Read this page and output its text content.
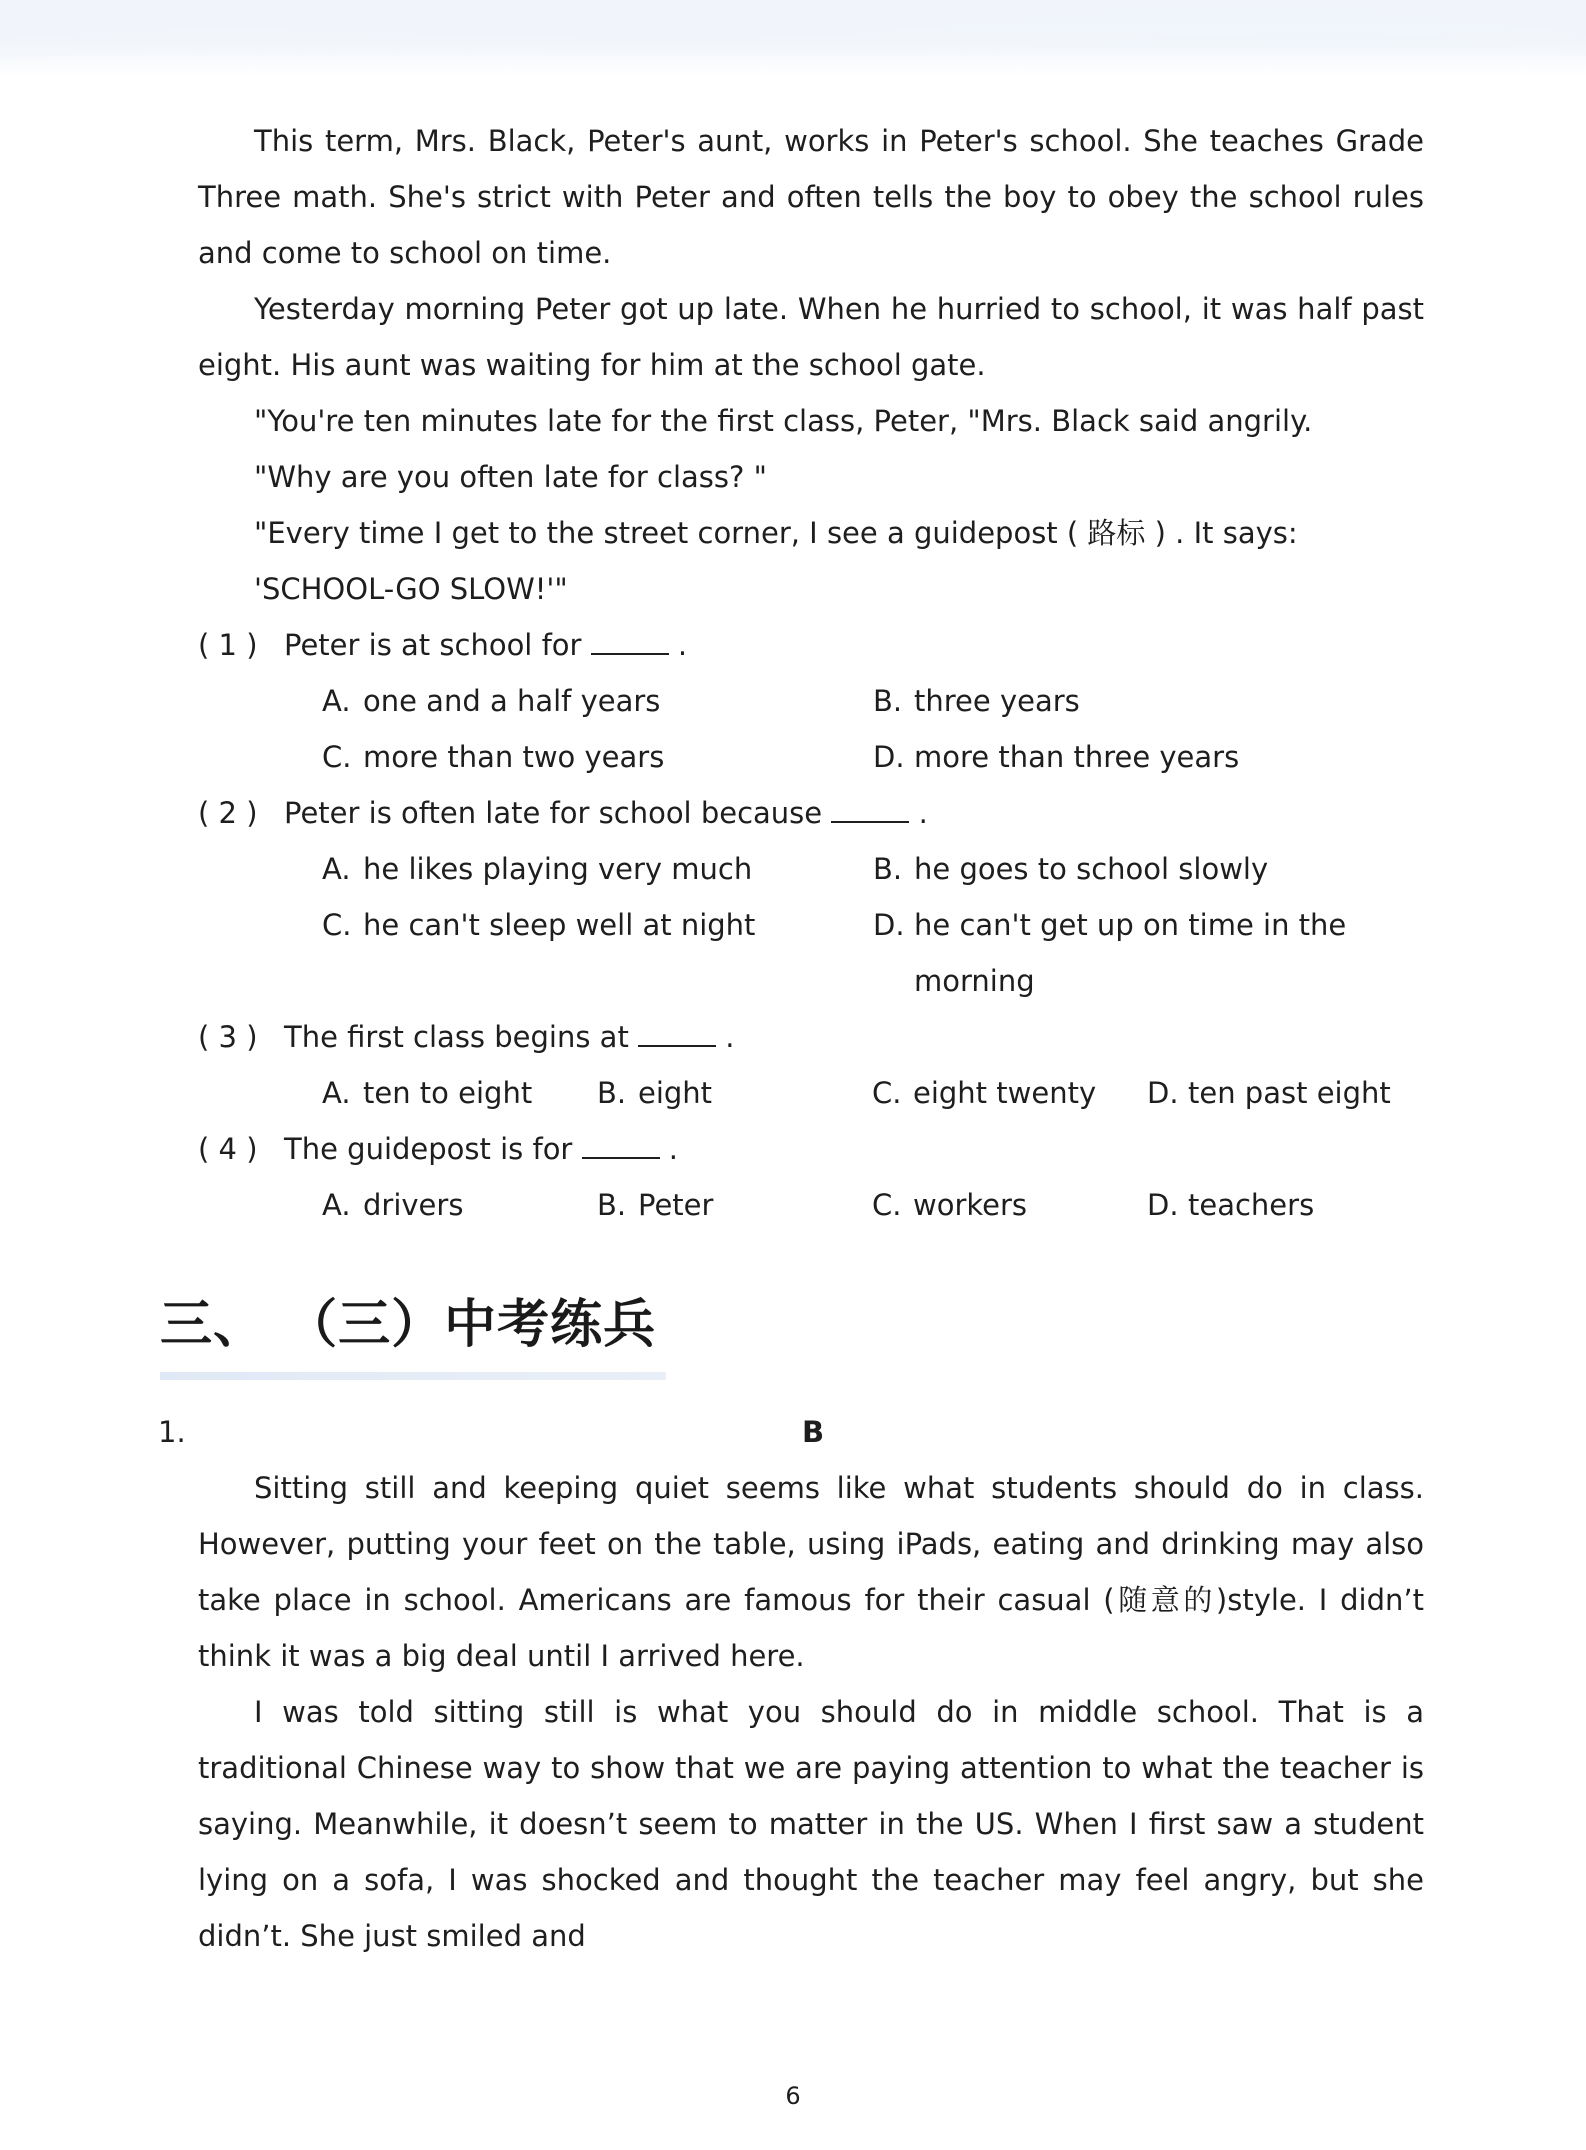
This term, Mrs. Black, Peter's aunt, works in Peter's school. She teaches Grade Three math. She's strict with Peter and often tells the boy to obey the school rules and come to school on time.

Yesterday morning Peter got up late. When he hurried to school, it was half past eight. His aunt was waiting for him at the school gate.

"You're ten minutes late for the first class, Peter, "Mrs. Black said angrily.

"Why are you often late for class? "

"Every time I get to the street corner, I see a guidepost ( 路标 ) . It says:

'SCHOOL-GO SLOW!'"

( 1 ) Peter is at school for	.

A. one and a half years	B. three years
C. more than two years	D. more than three years

( 2 ) Peter is often late for school because	.

A. he likes playing very much	B. he goes to school slowly
C. he can't sleep well at night	D. he can't get up on time in the morning

( 3 ) The first class begins at	.

A. ten to eight	B. eight	C. eight twenty	D. ten past eight

( 4 ) The guidepost is for	.

A. drivers	B. Peter	C. workers	D. teachers
三、 （三）中考练兵
1.	B

Sitting still and keeping quiet seems like what students should do in class. However, putting your feet on the table, using iPads, eating and drinking may also take place in school. Americans are famous for their casual (随意的)style. I didn’t think it was a big deal until I arrived here.

I was told sitting still is what you should do in middle school. That is a traditional Chinese way to show that we are paying attention to what the teacher is saying. Meanwhile, it doesn’t seem to matter in the US. When I first saw a student lying on a sofa, I was shocked and thought the teacher may feel angry, but she didn’t. She just smiled and

6
